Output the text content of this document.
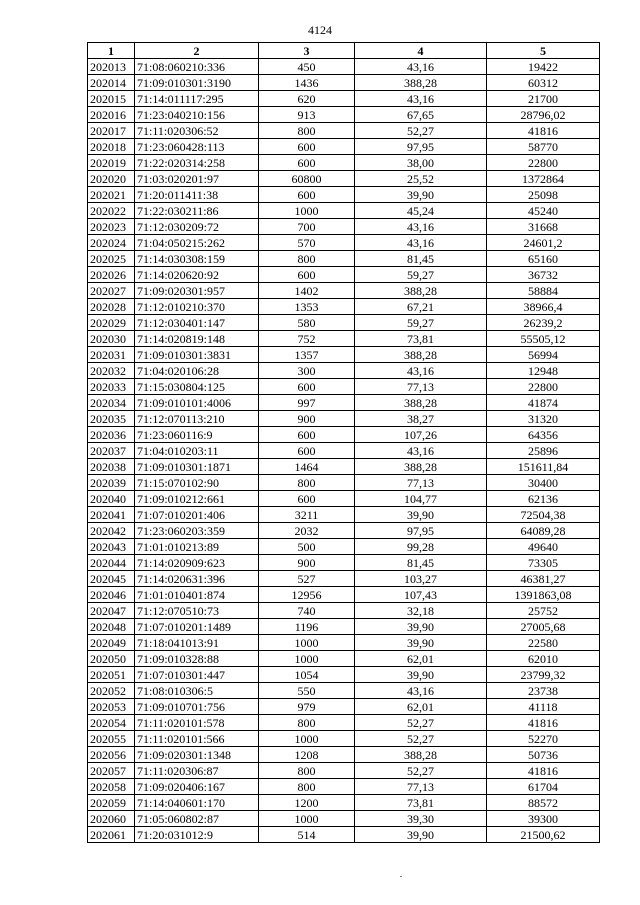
4124
1	2	3	4	5
202013	71:08:060210:336	450	43,16	19422
202014	71:09:010301:3190	1436	388,28	60312
202015	71:14:011117:295	620	43,16	21700
202016	71:23:040210:156	913	67,65	28796,02
202017	71:11:020306:52	800	52,27	41816
202018	71:23:060428:113	600	97,95	58770
202019	71:22:020314:258	600	38,00	22800
202020	71:03:020201:97	60800	25,52	1372864
202021	71:20:011411:38	600	39,90	25098
202022	71:22:030211:86	1000	45,24	45240
202023	71:12:030209:72	700	43,16	31668
202024	71:04:050215:262	570	43,16	24601,2
202025	71:14:030308:159	800	81,45	65160
202026	71:14:020620:92	600	59,27	36732
202027	71:09:020301:957	1402	388,28	58884
202028	71:12:010210:370	1353	67,21	38966,4
202029	71:12:030401:147	580	59,27	26239,2
202030	71:14:020819:148	752	73,81	55505,12
202031	71:09:010301:3831	1357	388,28	56994
202032	71:04:020106:28	300	43,16	12948
202033	71:15:030804:125	600	77,13	22800
202034	71:09:010101:4006	997	388,28	41874
202035	71:12:070113:210	900	38,27	31320
202036	71:23:060116:9	600	107,26	64356
202037	71:04:010203:11	600	43,16	25896
202038	71:09:010301:1871	1464	388,28	151611,84
202039	71:15:070102:90	800	77,13	30400
202040	71:09:010212:661	600	104,77	62136
202041	71:07:010201:406	3211	39,90	72504,38
202042	71:23:060203:359	2032	97,95	64089,28
202043	71:01:010213:89	500	99,28	49640
202044	71:14:020909:623	900	81,45	73305
202045	71:14:020631:396	527	103,27	46381,27
202046	71:01:010401:874	12956	107,43	1391863,08
202047	71:12:070510:73	740	32,18	25752
202048	71:07:010201:1489	1196	39,90	27005,68
202049	71:18:041013:91	1000	39,90	22580
202050	71:09:010328:88	1000	62,01	62010
202051	71:07:010301:447	1054	39,90	23799,32
202052	71:08:010306:5	550	43,16	23738
202053	71:09:010701:756	979	62,01	41118
202054	71:11:020101:578	800	52,27	41816
202055	71:11:020101:566	1000	52,27	52270
202056	71:09:020301:1348	1208	388,28	50736
202057	71:11:020306:87	800	52,27	41816
202058	71:09:020406:167	800	77,13	61704
202059	71:14:040601:170	1200	73,81	88572
202060	71:05:060802:87	1000	39,30	39300
202061	71:20:031012:9	514	39,90	21500,62
